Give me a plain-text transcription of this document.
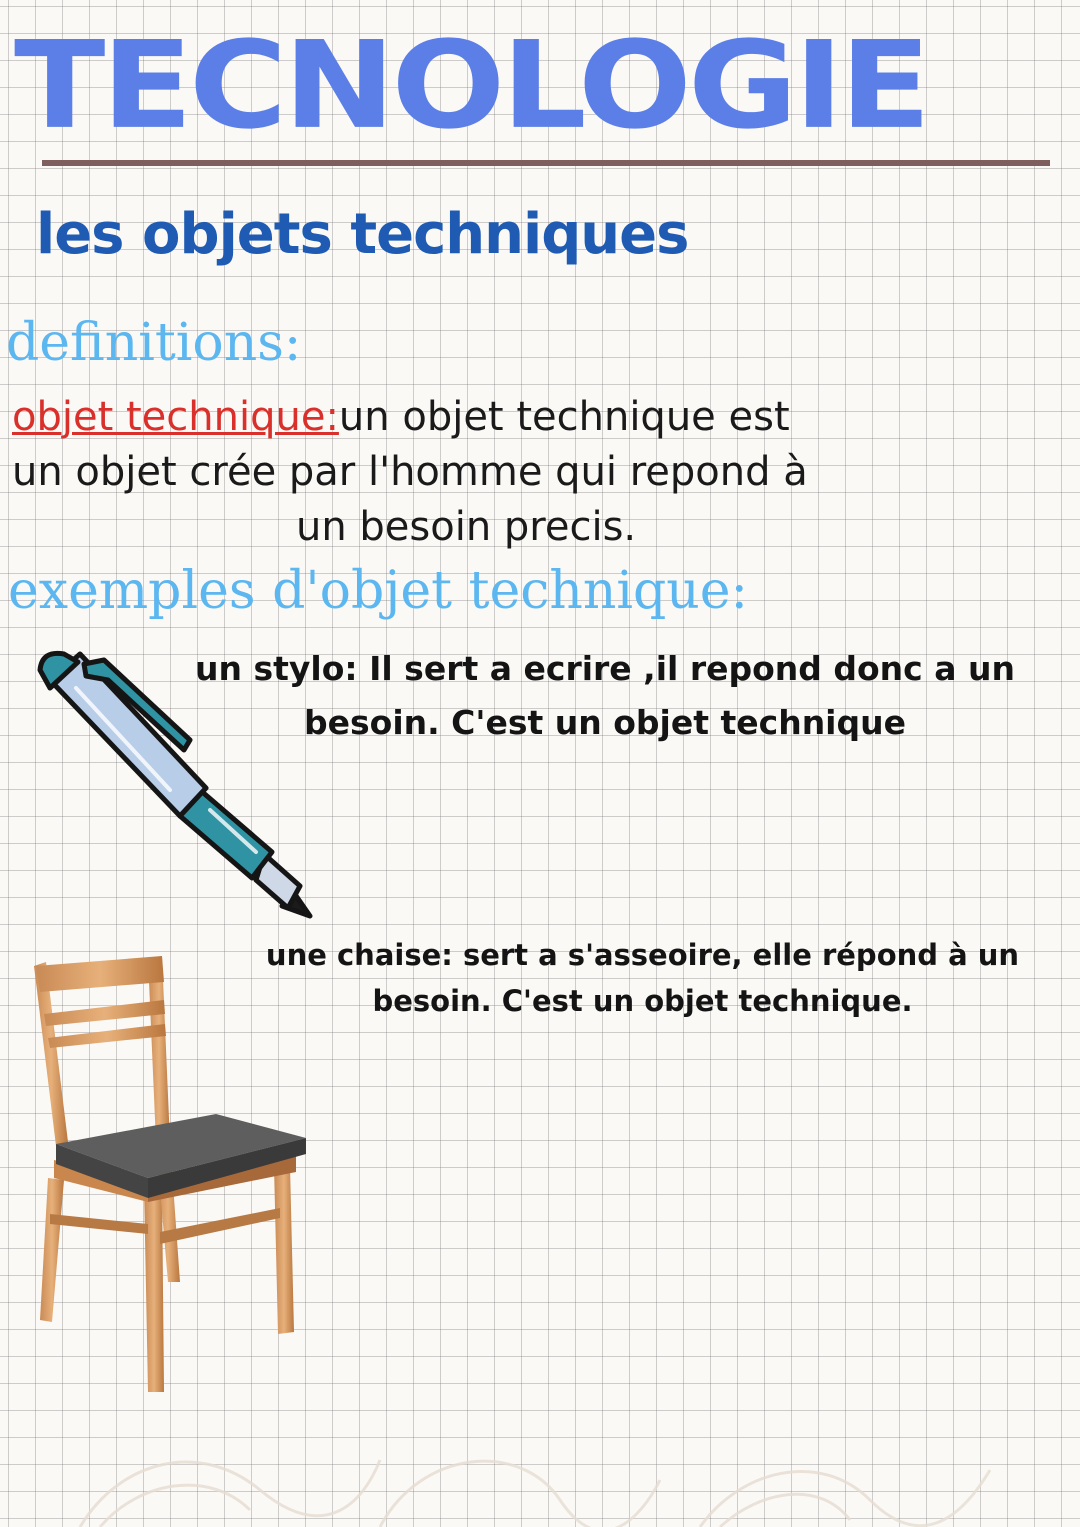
TECNOLOGIE
les objets techniques
definitions:
objet technique:un objet technique est
un objet crée par l'homme qui repond à
un besoin precis.
exemples d'objet technique:
un stylo: Il sert a ecrire ,il repond donc a un
besoin. C'est un objet technique
une chaise: sert a s'asseoire, elle répond à un
besoin. C'est un objet technique.
